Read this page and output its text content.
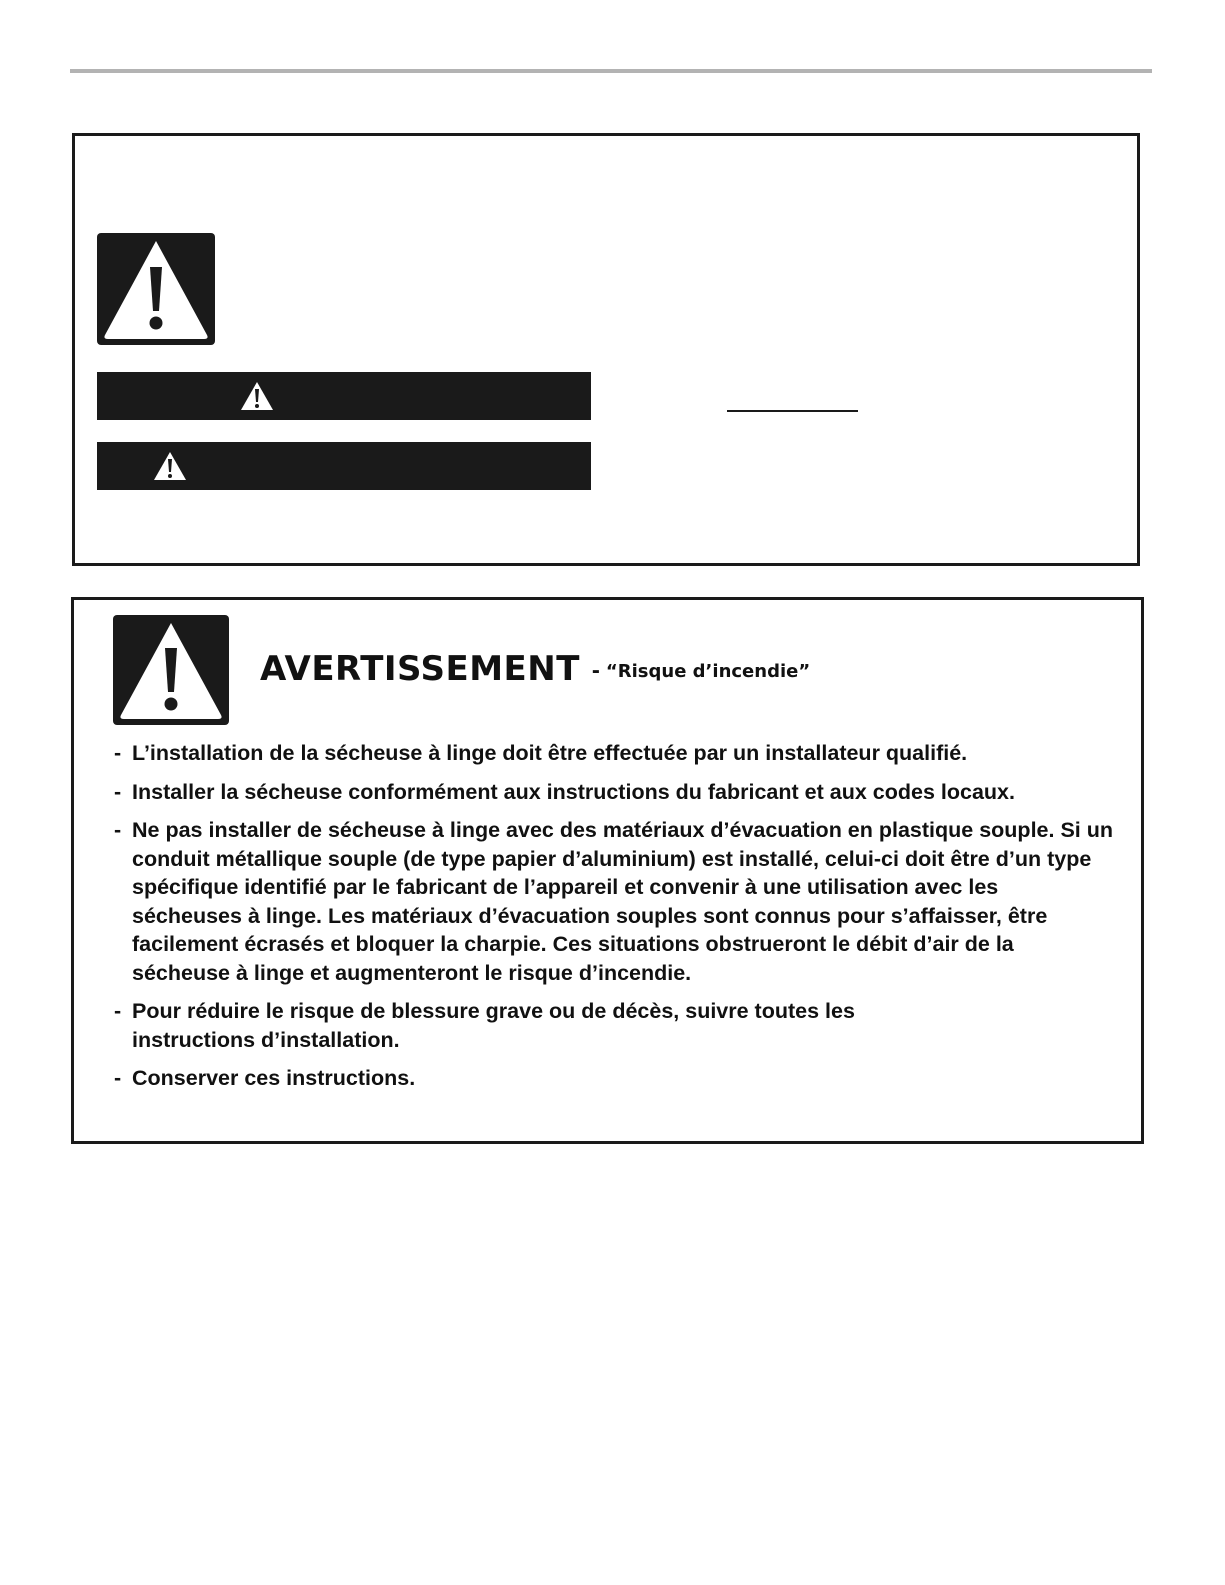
AVERTISSEMENT - “Risque d’incendie”
- L’installation de la sécheuse à linge doit être effectuée par un installateur qualifié.
- Installer la sécheuse conformément aux instructions du fabricant et aux codes locaux.
- Ne pas installer de sécheuse à linge avec des matériaux d’évacuation en plastique souple. Si un conduit métallique souple (de type papier d’aluminium) est installé, celui-ci doit être d’un type spécifique identifié par le fabricant de l’appareil et convenir à une utilisation avec les sécheuses à linge. Les matériaux d’évacuation souples sont connus pour s’affaisser, être facilement écrasés et bloquer la charpie. Ces situations obstrueront le débit d’air de la sécheuse à linge et augmenteront le risque d’incendie.
- Pour réduire le risque de blessure grave ou de décès, suivre toutes les instructions d’installation.
- Conserver ces instructions.
